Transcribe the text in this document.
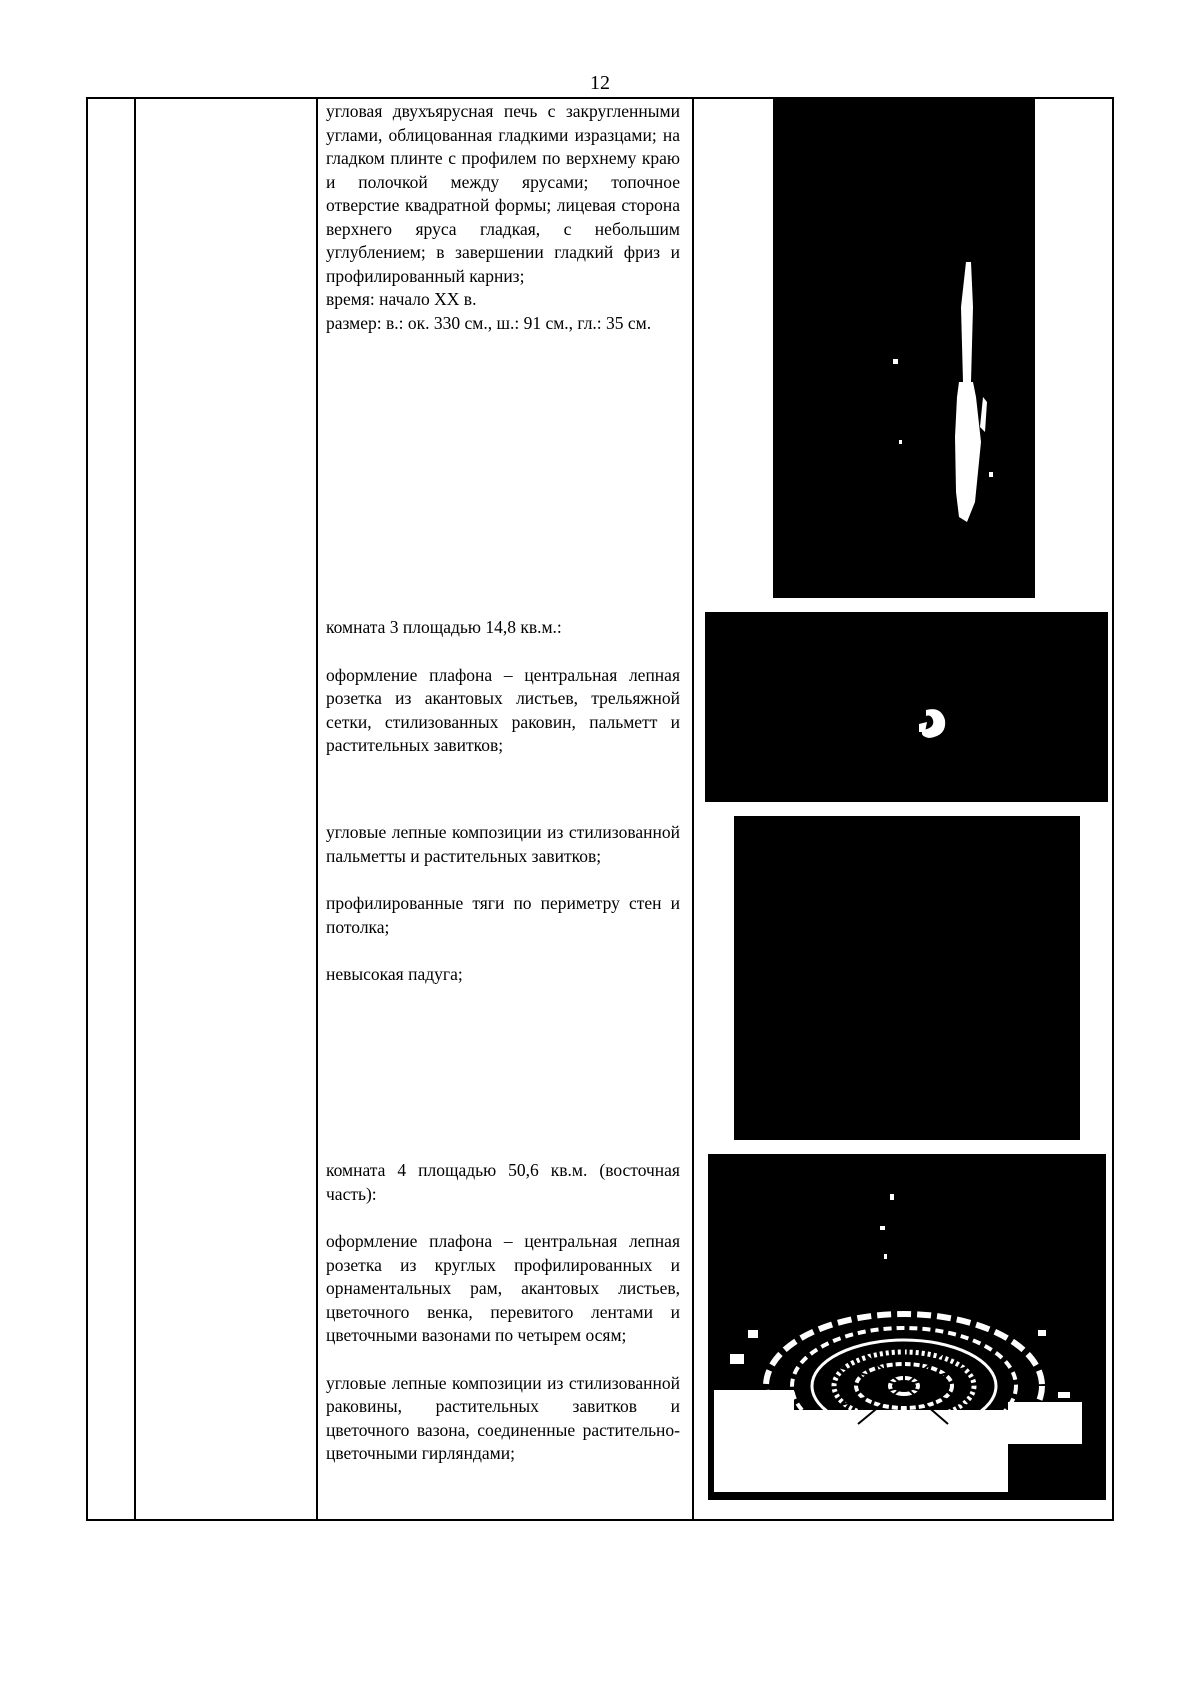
12

угловая двухъярусная печь с закругленными углами, облицованная гладкими изразцами; на гладком плинте с профилем по верхнему краю и полочкой между ярусами; топочное отверстие квадратной формы; лицевая сторона верхнего яруса гладкая, с небольшим углублением; в завершении гладкий фриз и профилированный карниз;

время: начало XX в.

размер: в.: ок. 330 см., ш.: 91 см., гл.: 35 см.

комната 3 площадью 14,8 кв.м.:

оформление плафона – центральная лепная розетка из акантовых листьев, трельяжной сетки, стилизованных раковин, пальметт и растительных завитков;

угловые лепные композиции из стилизованной пальметты и растительных завитков;

профилированные тяги по периметру стен и потолка;

невысокая падуга;

комната 4 площадью 50,6 кв.м. (восточная часть):

оформление плафона – центральная лепная розетка из круглых профилированных и орнаментальных рам, акантовых листьев, цветочного венка, перевитого лентами и цветочными вазонами по четырем осям;

угловые лепные композиции из стилизованной раковины, растительных завитков и цветочного вазона, соединенные растительно-цветочными гирляндами;
